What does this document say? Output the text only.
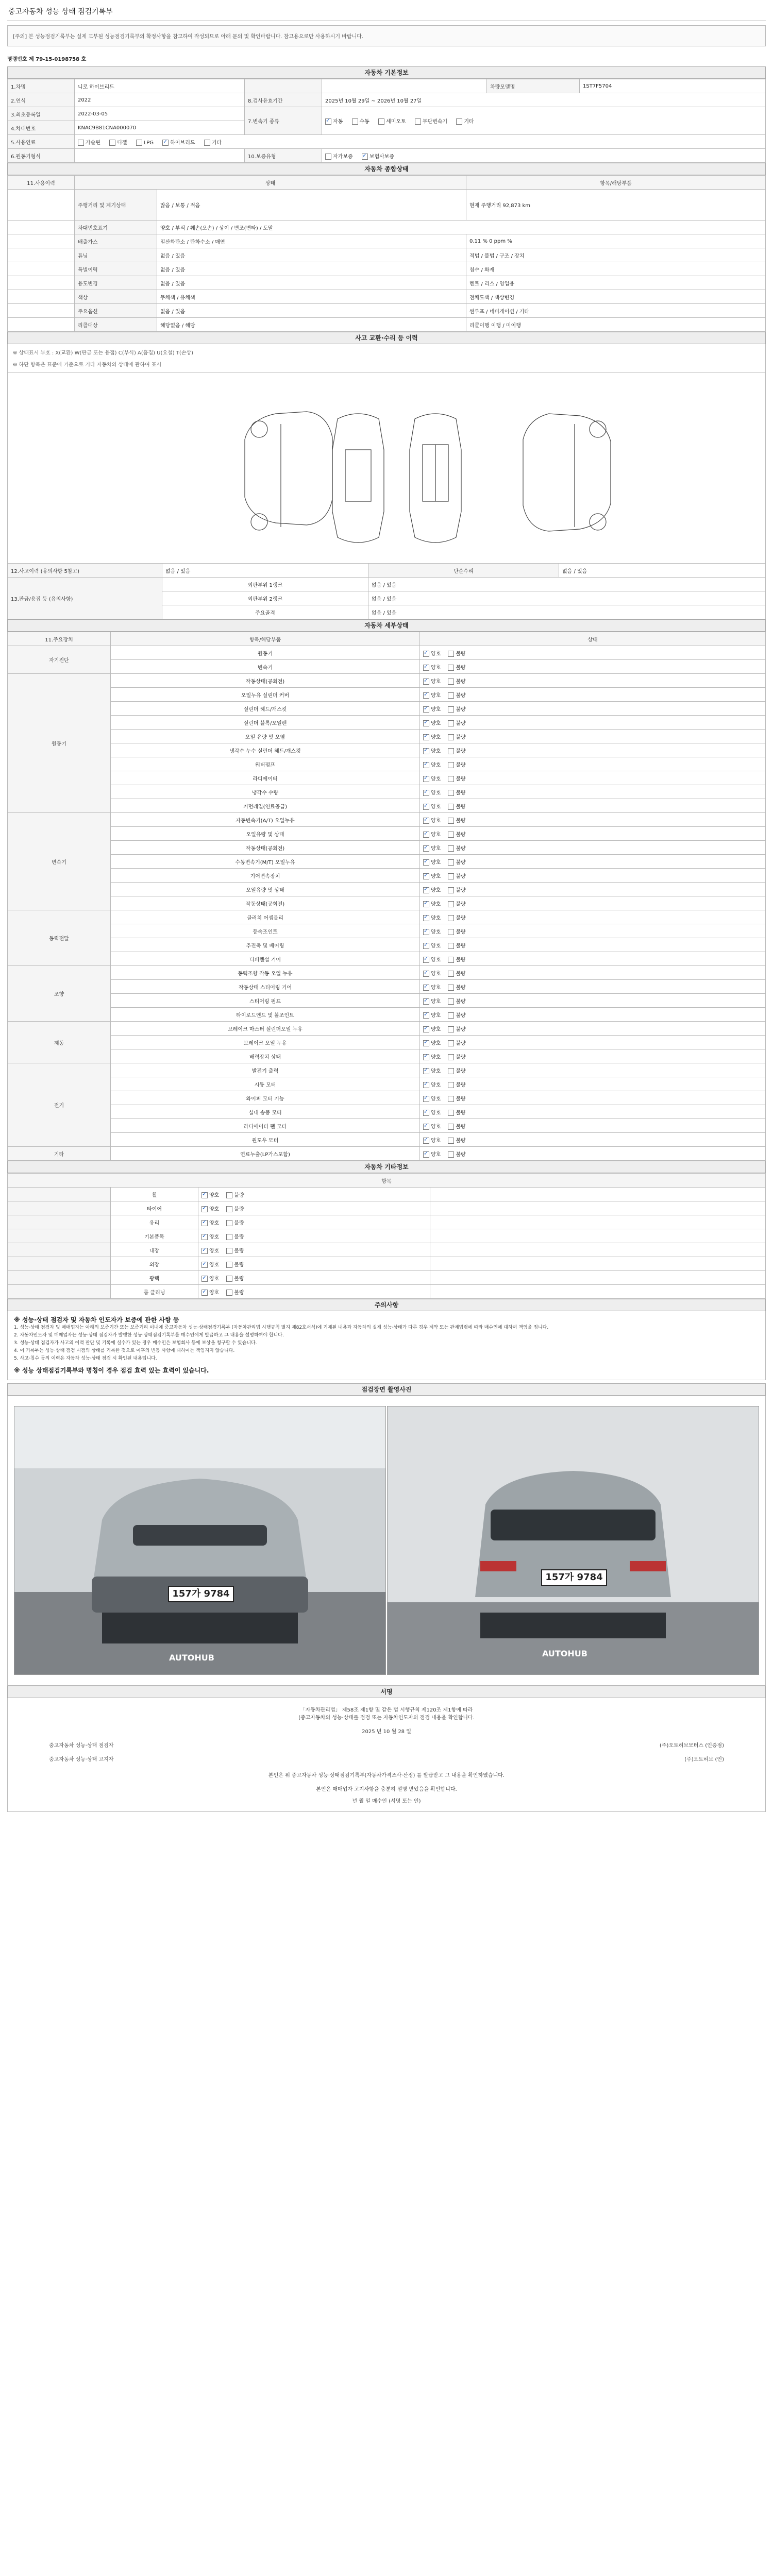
중고자동차 성능 상태 점검기록부
[주의] 본 성능점검기록부는 실제 교부된 성능점검기록부의 확정사항을 참고하여 작성되므로 아래 문의 및 확인바랍니다. 참고용으로만 사용하시기 바랍니다.
명령번호 제 79-15-0198758 호
자동차 기본정보
1.차명	니로 하이브리드			차량모델명	1ST7F5704
2.연식	2022	8.검사유효기간	2025년 10월 29일 ~ 2026년 10월 27일		
3.최초등록일	2022-03-05	7.변속기 종류	✓자동 수동 세미오토 무단변속기 기타
4.차대번호	KNAC9B81CNA000070				
5.사용연료	가솔린 디젤 LPG ✓ 하이브리드 기타
6.원동기형식		10.보증유형	자가보증 ✓ 보험사보증
자동차 종합상태
11.사용이력	상태		항목/해당부품
	주행거리 및 계기상태	많음 / 보통 / 적음	현재 주행거리 92,873 km
	차대번호표기	양호 / 부식 / 훼손(오손) / 상이 / 변조(변타) / 도말	
	배출가스	일산화탄소 / 탄화수소 / 매연	0.11 % 0 ppm %
	튜닝	없음 / 있음	적법 / 불법 / 구조 / 장치
	특별이력	없음 / 있음	침수 / 화재
	용도변경	없음 / 있음	렌트 / 리스 / 영업용
	색상	무채색 / 유채색	전체도색 / 색상변경
	주요옵션	없음 / 있음	썬루프 / 네비게이션 / 기타
	리콜대상	해당없음 / 해당	리콜이행 이행 / 미이행
사고 교환·수리 등 이력
※ 상태표시 부호 : X(교환) W(판금 또는 용접) C(부식) A(흠집) U(요철) T(손상)
※ 하단 항목은 표준에 기준으로 기타 자동차의 상태에 관하여 표시
12.사고이력 (유의사항 5참고)	없음 / 있음	단순수리	없음 / 있음
13.판금/용접 등 (유의사항)	외판부위 1랭크	없음 / 있음	
	외판부위 2랭크	없음 / 있음	
	주요골격	없음 / 있음	
자동차 세부상태
11.주요장치	항목/해당부품	상태
자기진단	원동기	✓양호 불량
	변속기	✓양호 불량
원동기	작동상태(공회전)	✓양호 불량
	오일누유 실린더 커버	✓양호 불량
	실린더 헤드/개스킷	✓양호 불량
	실린더 블록/오일팬	✓양호 불량
	오일 유량 및 오염	✓양호 불량
	냉각수 누수 실린더 헤드/개스킷	✓양호 불량
	워터펌프	✓양호 불량
	라디에이터	✓양호 불량
	냉각수 수량	✓양호 불량
	커먼레일(연료공급)	✓양호 불량
변속기	자동변속기(A/T) 오일누유	✓양호 불량
	오일유량 및 상태	✓양호 불량
	작동상태(공회전)	✓양호 불량
	수동변속기(M/T) 오일누유	✓양호 불량
	기어변속장치	✓양호 불량
	오일유량 및 상태	✓양호 불량
	작동상태(공회전)	✓양호 불량
동력전달	클러치 어셈블리	✓양호 불량
	등속조인트	✓양호 불량
	추진축 및 베어링	✓양호 불량
	디퍼렌셜 기어	✓양호 불량
조향	동력조향 작동 오일 누유	✓양호 불량
	작동상태 스티어링 기어	✓양호 불량
	스티어링 펌프	✓양호 불량
	타이로드엔드 및 볼조인트	✓양호 불량
제동	브레이크 마스터 실린더오일 누유	✓양호 불량
	브레이크 오일 누유	✓양호 불량
	배력장치 상태	✓양호 불량
전기	발전기 출력	✓양호 불량
	시동 모터	✓양호 불량
	와이퍼 모터 기능	✓양호 불량
	실내 송풍 모터	✓양호 불량
	라디에이터 팬 모터	✓양호 불량
	윈도우 모터	✓양호 불량
기타	연료누출(LP가스포함)	✓양호 불량
자동차 기타정보
항목			
	휠	✓양호 불량	
	타이어	✓양호 불량	
	유리	✓양호 불량	
	기본품목	✓양호 불량	
	내장	✓양호 불량	
	외장	✓양호 불량	
	광택	✓양호 불량	
	룸 클리닝	✓양호 불량	
주의사항
※ 성능·상태 점검자 및 자동차 인도자가 보증에 관한 사항 등
1. 성능·상태 점검자 및 매매업자는 아래의 보증기간 또는 보증거리 이내에 중고자동차 성능·상태점검기록부 (자동차관리법 시행규칙 별지 제82호서식)에 기재된 내용과 자동차의 실제 성능·상태가 다른 경우 계약 또는 관계법령에 따라 매수인에 대하여 책임을 집니다.
2. 자동차인도자 및 매매업자는 성능·상태 점검자가 발행한 성능·상태점검기록부를 매수인에게 발급하고 그 내용을 설명하여야 합니다.
3. 성능·상태 점검자가 사고의 이력 판단 및 기록에 실수가 있는 경우 매수인은 보험회사 등에 보상을 청구할 수 있습니다.
4. 이 기록부는 성능·상태 점검 시점의 상태를 기록한 것으로 이후의 변동 사항에 대하여는 책임지지 않습니다.
5. 사고·침수 등의 이력은 자동차 성능·상태 점검 시 확인된 내용입니다.
※ 성능 상태점검기록부와 명칭이 경우 점검 효력 있는 효력이 있습니다.
점검장면 촬영사진
157가 9784
AUTOHUB
157가 9784
AUTOHUB
서명
「자동차관리법」 제58조 제1항 및 같은 법 시행규칙 제120조 제1항에 따라
(중고자동차의 성능·상태를 점검 또는 자동차인도자의 점검 내용을 확인합니다.
2025 년 10 월 28 일
중고자동차 성능·상태 점검자	(주)오토허브모터스 (인증점)
중고자동차 성능·상태 고지자	(주)오토허브 (인)
본인은 위 중고자동차 성능·상태점검기록부(자동차가격조사·산정) 를 발급받고 그 내용을 확인하였습니다.
본인은 매매업자 고지사항을 충분히 설명 받았음을 확인합니다.
년 월 일 매수인 (서명 또는 인)
